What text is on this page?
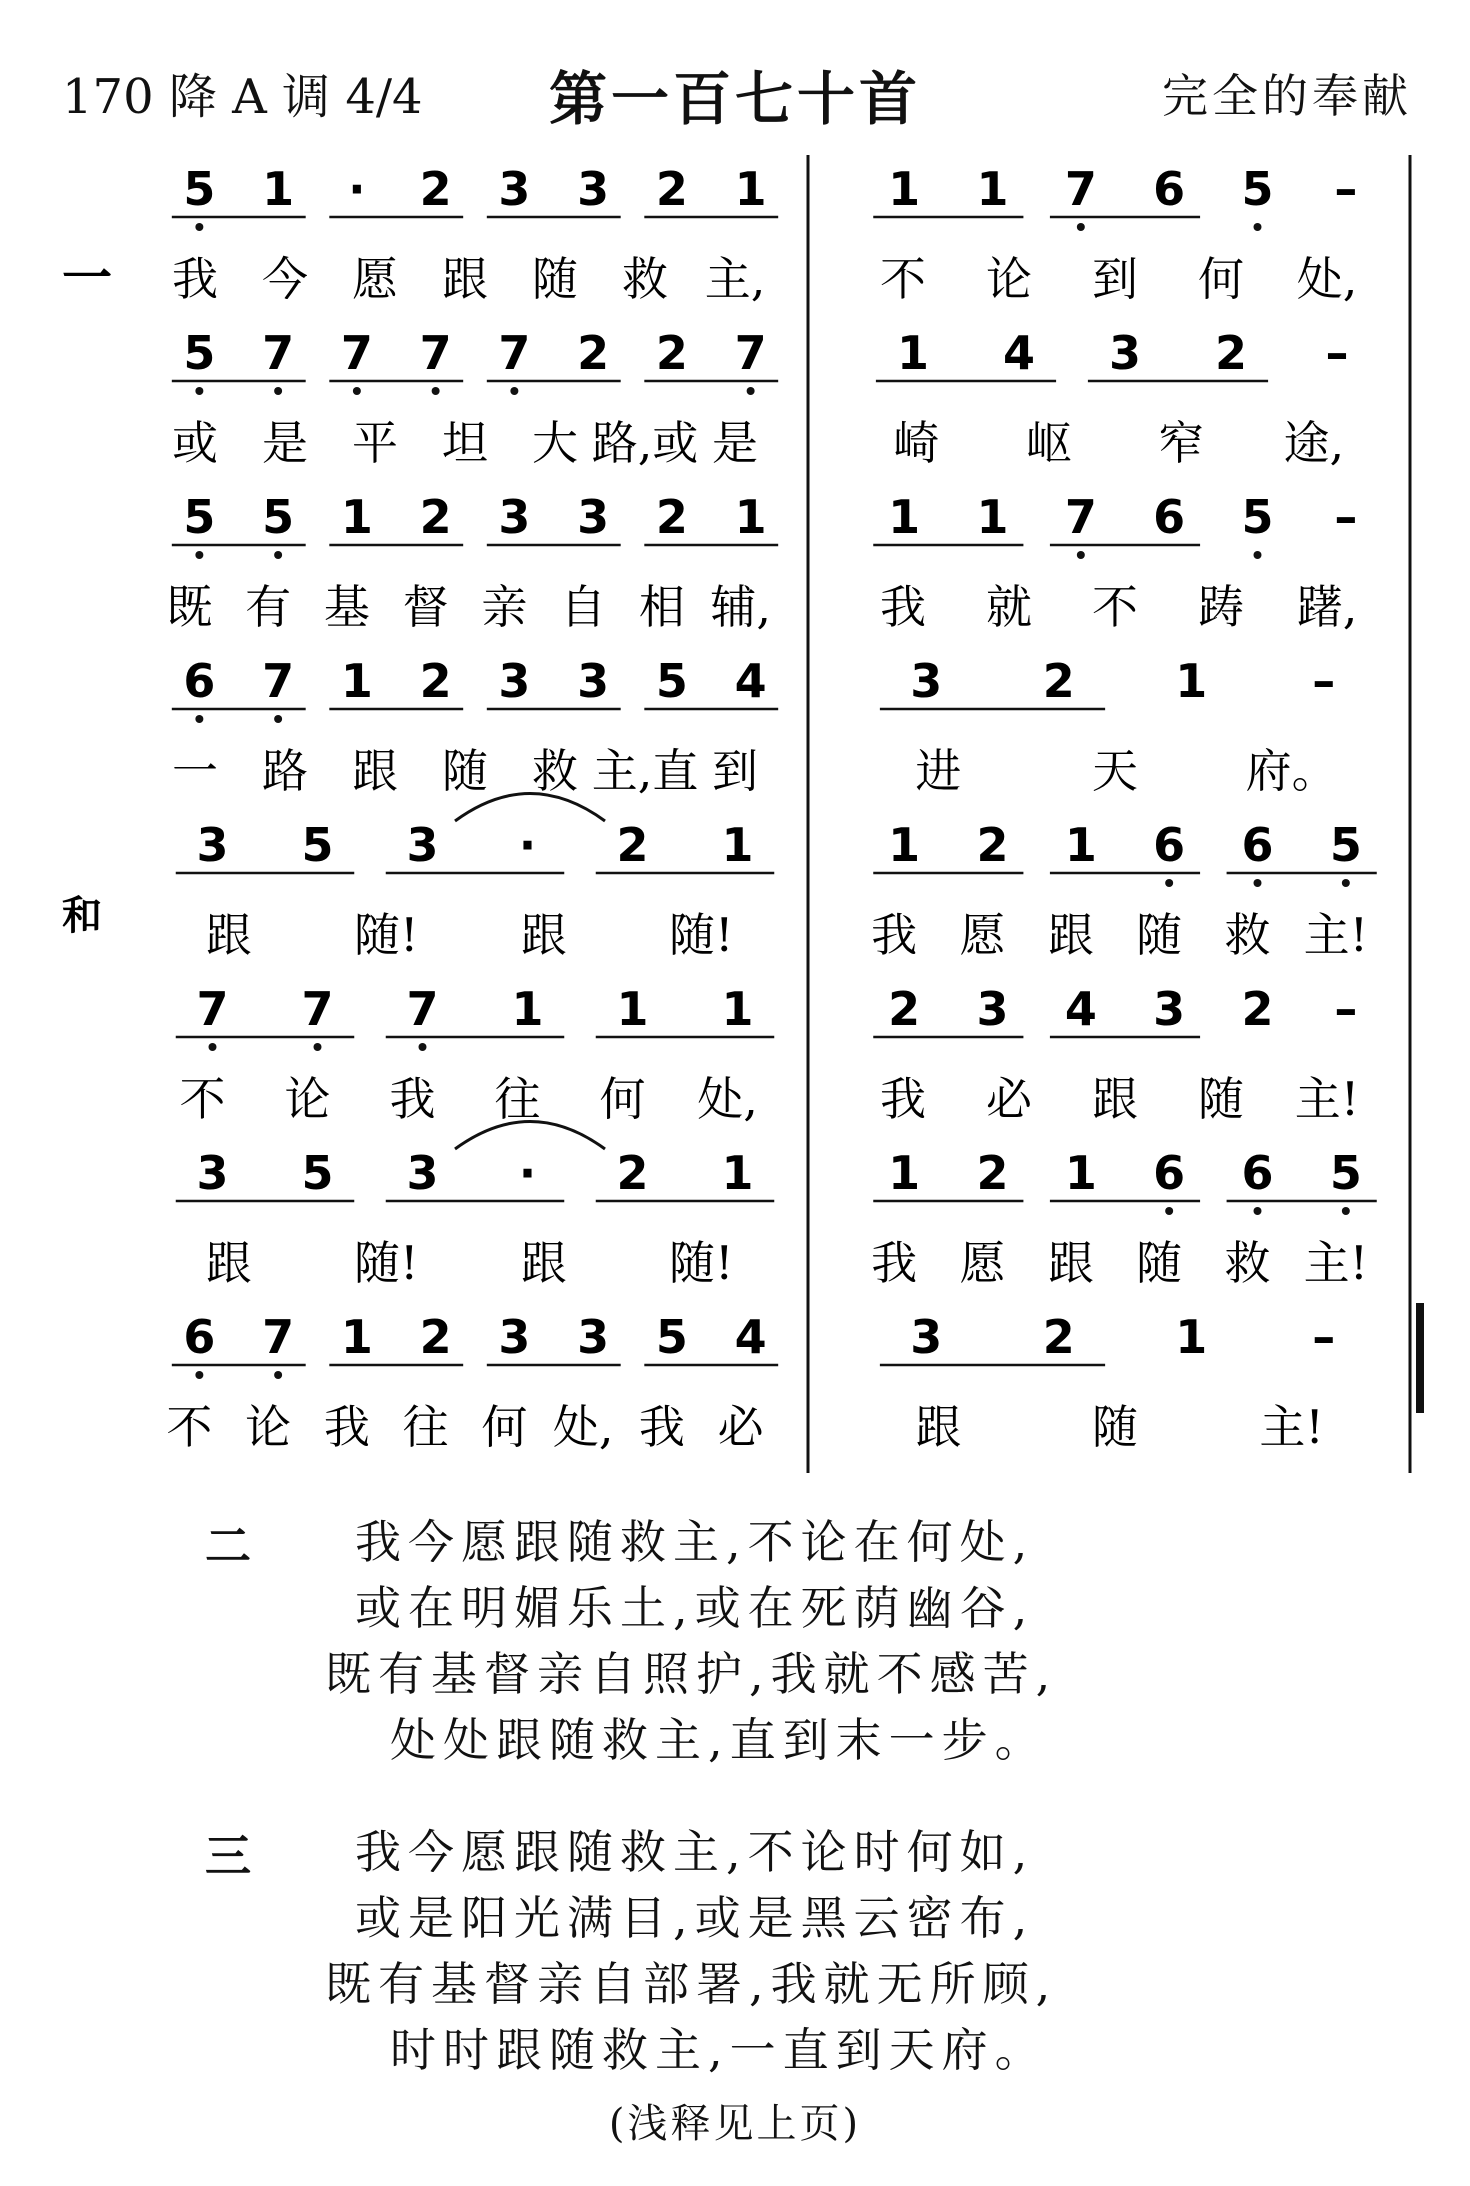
170 降 A 调 4/4	第一百七十首	完全的奉献
一
5 1 · 2 3 3 2 1	1 1 7 6 5 –
我 今 愿 跟 随 救 主, 不 论 到 何 处,
5 7 7 7 7 2 2 7	1 4 3 2 –
或 是 平 坦 大 路,或 是	崎 岖 窄 途,
5 5 1 2 3 3 2 1	1 1 7 6 5 –
既 有 基 督 亲 自 相 辅, 我 就 不 踌 躇,
6 7 1 2 3 3 5 4	3 2 1 –
一 路 跟 随 救 主,直 到	进	天 府。
和
3 5 3 · 2 1	1 2 1 6 6 5
跟 随! 跟 随!	我 愿 跟 随 救 主!
7 7 7 1 1 1	2 3 4 3 2 –
不 论 我 往 何 处,	我 必 跟 随 主!
3 5 3 · 2 1	1 2 1 6 6 5
跟 随! 跟 随!	我 愿 跟 随 救 主!
6 7 1 2 3 3 5 4	3 2 1 –
不 论 我 往 何 处, 我 必	跟	随	主!
二 我今愿跟随救主,不论在何处,
或在明媚乐土,或在死荫幽谷,
既有基督亲自照护,我就不感苦,
处处跟随救主,直到末一步。
三 我今愿跟随救主,不论时何如,
或是阳光满目,或是黑云密布,
既有基督亲自部署,我就无所顾,
时时跟随救主,一直到天府。
(浅释见上页)
